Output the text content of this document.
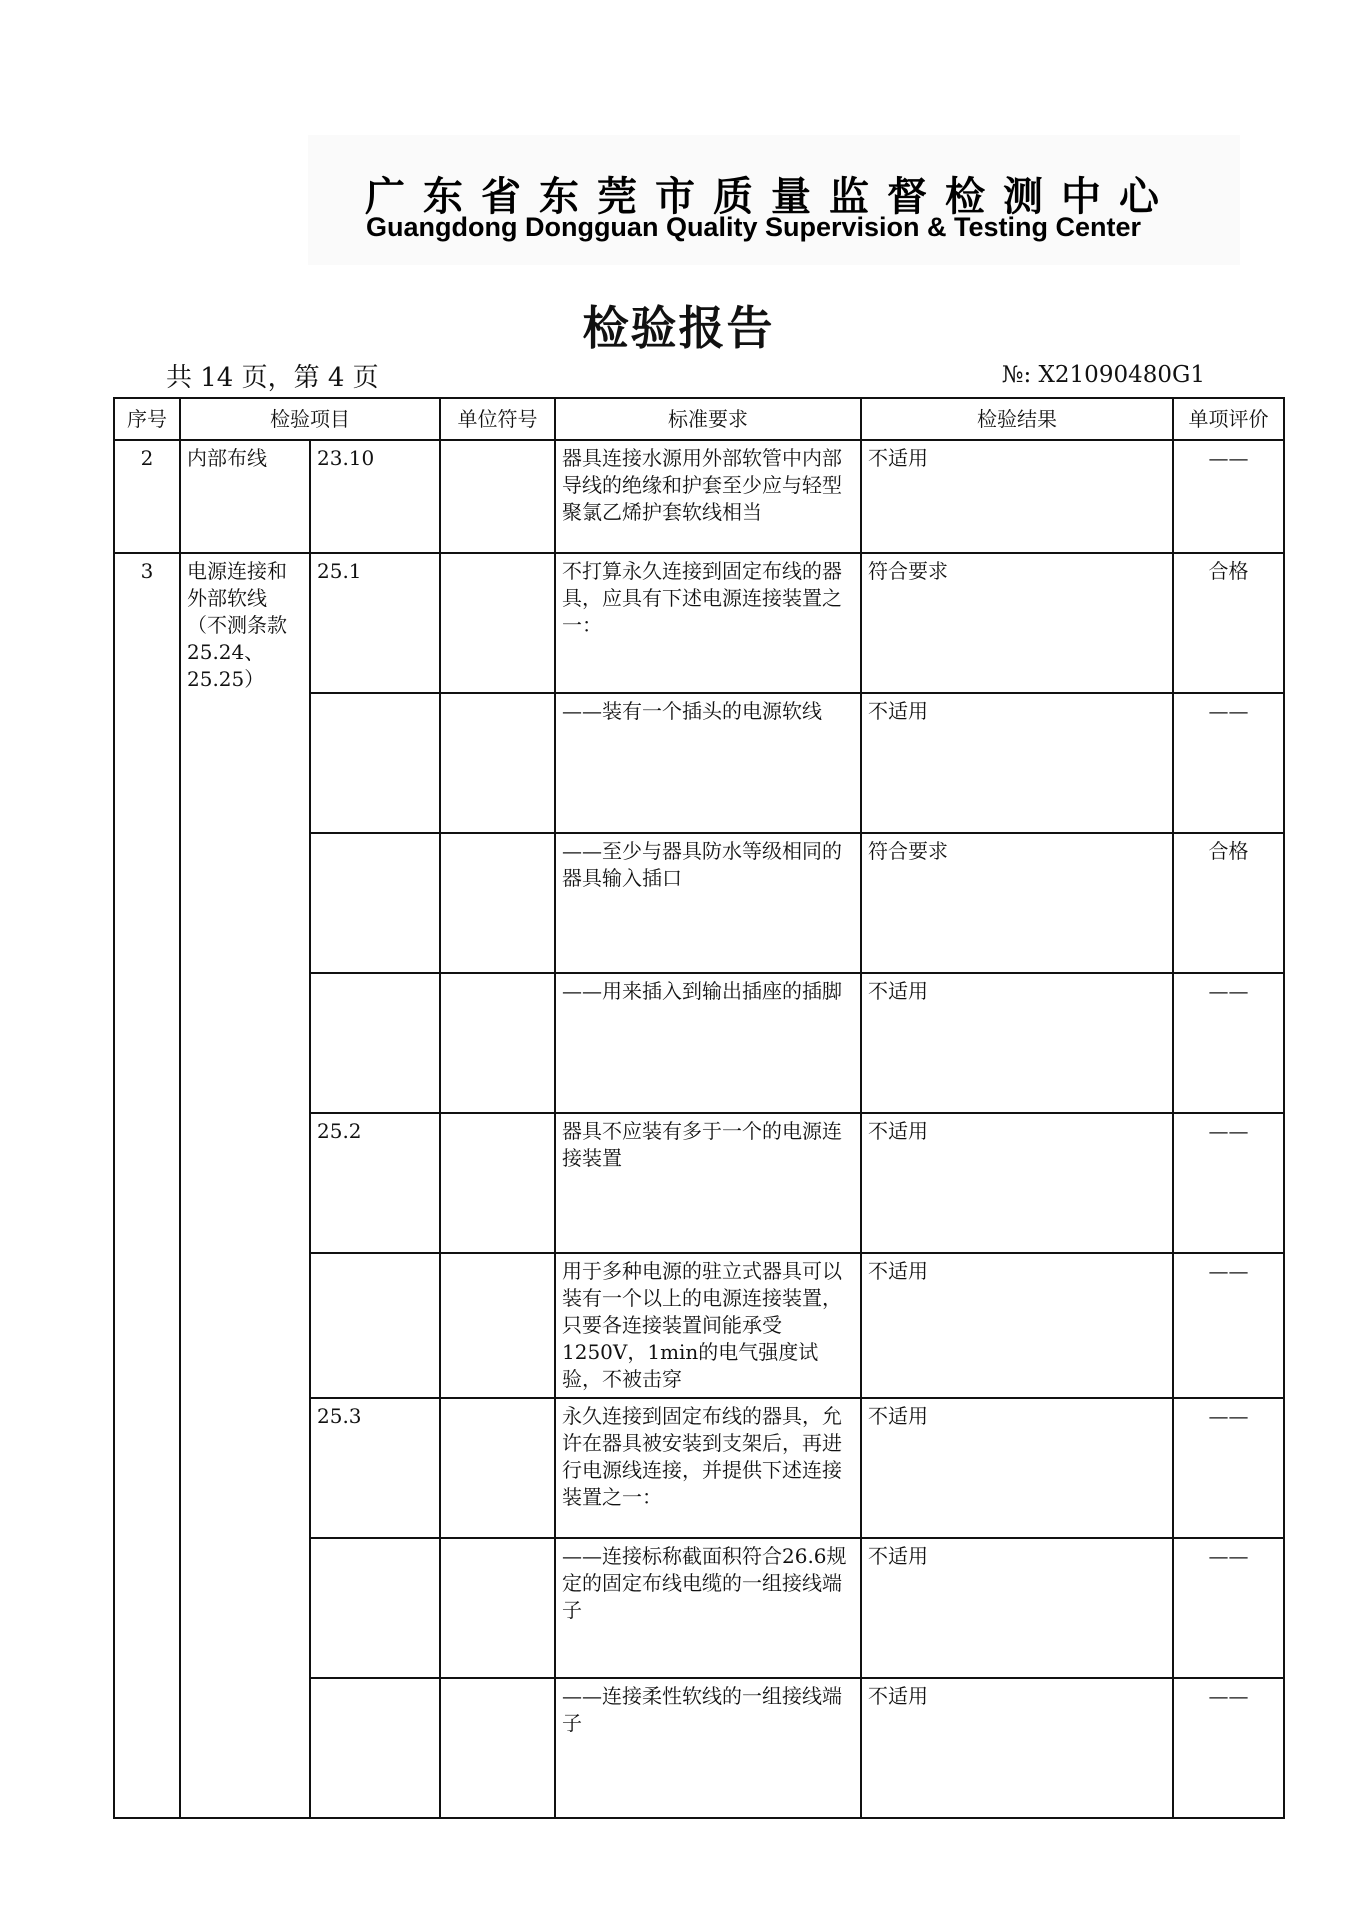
广东省东莞市质量监督检测中心
Guangdong Dongguan Quality Supervision & Testing Center
检验报告
共 14 页，第 4 页	№: X21090480G1
序号	检验项目		单位符号	标准要求	检验结果	单项评价
2	内部布线	23.10		器具连接水源用外部软管中内部导线的绝缘和护套至少应与轻型聚氯乙烯护套软线相当	不适用	——
3	电源连接和外部软线（不测条款25.24、25.25）	25.1		不打算永久连接到固定布线的器具，应具有下述电源连接装置之一：	符合要求	合格
				——装有一个插头的电源软线	不适用	——
				——至少与器具防水等级相同的器具输入插口	符合要求	合格
				——用来插入到输出插座的插脚	不适用	——
		25.2		器具不应装有多于一个的电源连接装置	不适用	——
				用于多种电源的驻立式器具可以装有一个以上的电源连接装置，只要各连接装置间能承受1250V，1min的电气强度试验，不被击穿	不适用	——
		25.3		永久连接到固定布线的器具，允许在器具被安装到支架后，再进行电源线连接，并提供下述连接装置之一：	不适用	——
				——连接标称截面积符合26.6规定的固定布线电缆的一组接线端子	不适用	——
				——连接柔性软线的一组接线端子	不适用	——
